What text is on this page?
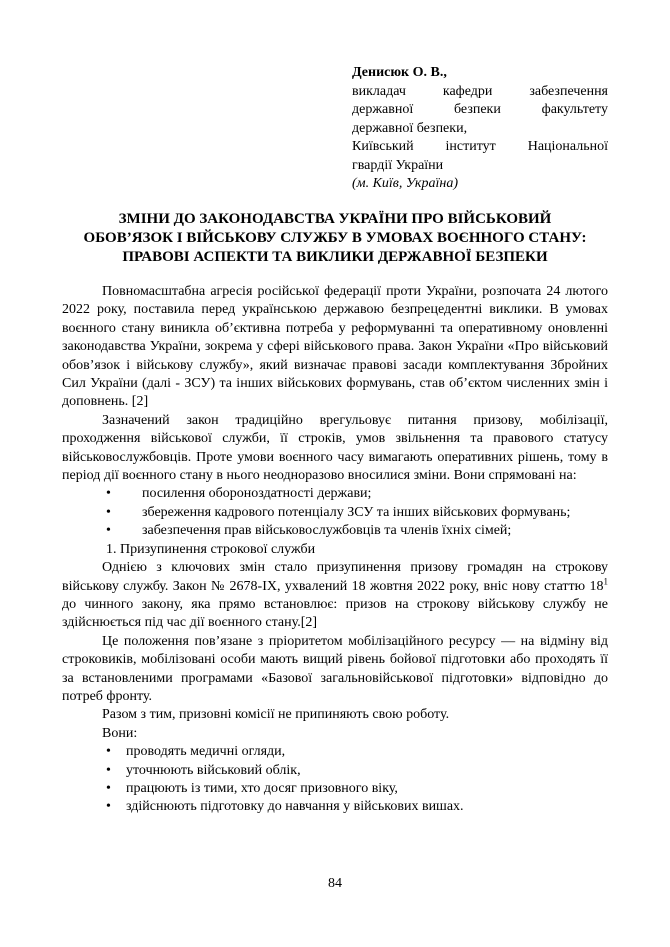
Денисюк О. В.,
викладач кафедри забезпечення
державної безпеки факультету
державної безпеки,
Київський інститут Національної
гвардії України
(м. Київ, Україна)
ЗМІНИ ДО ЗАКОНОДАВСТВА УКРАЇНИ ПРО ВІЙСЬКОВИЙ
ОБОВ’ЯЗОК І ВІЙСЬКОВУ СЛУЖБУ В УМОВАХ ВОЄННОГО СТАНУ:
ПРАВОВІ АСПЕКТИ ТА ВИКЛИКИ ДЕРЖАВНОЇ БЕЗПЕКИ

Повномасштабна агресія російської федерації проти України, розпочата 24 лютого 2022 року, поставила перед українською державою безпрецедентні виклики. В умовах воєнного стану виникла об’єктивна потреба у реформуванні та оперативному оновленні законодавства України, зокрема у сфері військового права. Закон України «Про військовий обов’язок і військову службу», який визначає правові засади комплектування Збройних Сил України (далі - ЗСУ) та інших військових формувань, став об’єктом численних змін і доповнень. [2]

Зазначений закон традиційно врегульовує питання призову, мобілізації, проходження військової служби, її строків, умов звільнення та правового статусу військовослужбовців. Проте умови воєнного часу вимагають оперативних рішень, тому в період дії воєнного стану в нього неодноразово вносилися зміни. Вони спрямовані на:

•	посилення обороноздатності держави;

• збереження кадрового потенціалу ЗСУ та інших військових формувань;

•	забезпечення прав військовослужбовців та членів їхніх сімей;

1. Призупинення строкової служби

Однією з ключових змін стало призупинення призову громадян на строкову військову службу. Закон № 2678-IX, ухвалений 18 жовтня 2022 року, вніс нову статтю $18^1$ до чинного закону, яка прямо встановлює: призов на строкову військову службу не здійснюється під час дії воєнного стану.[2]

Це положення пов’язане з пріоритетом мобілізаційного ресурсу — на відміну від строковиків, мобілізовані особи мають вищий рівень бойової підготовки або проходять її за встановленими програмами «Базової загальновійськової підготовки» відповідно до потреб фронту.

Разом з тим, призовні комісії не припиняють свою роботу.

Вони:

•	проводять медичні огляди,
•	уточнюють військовий облік,
•	працюють із тими, хто досяг призовного віку,
•	здійснюють підготовку до навчання у військових вишах.
84
